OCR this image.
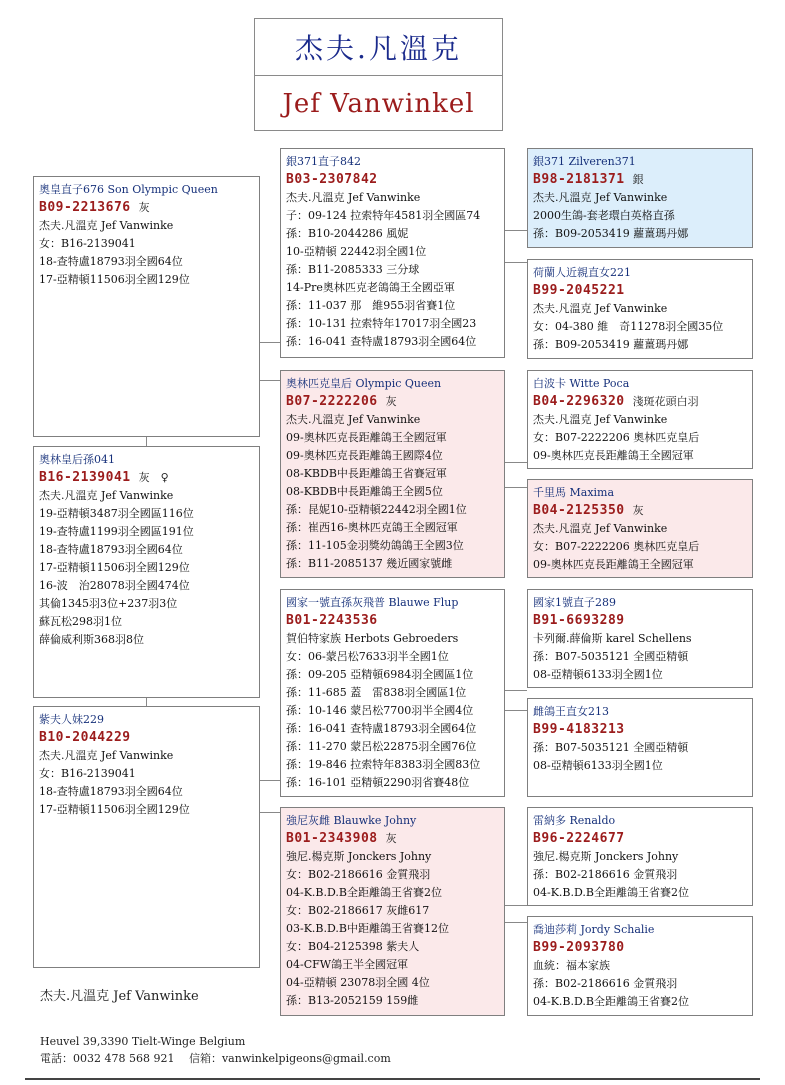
杰夫.凡溫克
Jef Vanwinkel
奧皇直子676 Son Olympic Queen
B09-2213676 灰
杰夫.凡溫克 Jef Vanwinke
女：B16-2139041
18-查特盧18793羽全國64位
17-亞精頓11506羽全國129位
奧林皇后孫041
B16-2139041 灰　♀
杰夫.凡溫克 Jef Vanwinke
19-亞精頓3487羽全國區116位
19-查特盧1199羽全國區191位
18-查特盧18793羽全國64位
17-亞精頓11506羽全國129位
16-波　治28078羽全國474位
其倫1345羽3位+237羽3位
蘇瓦松298羽1位
薛倫威利斯368羽8位
紫夫人妹229
B10-2044229
杰夫.凡溫克 Jef Vanwinke
女：B16-2139041
18-查特盧18793羽全國64位
17-亞精頓11506羽全國129位
銀371直子842
B03-2307842
杰夫.凡溫克 Jef Vanwinke
子：09-124 拉索特年4581羽全國區74
孫：B10-2044286 風妮
10-亞精頓 22442羽全國1位
孫：B11-2085333 三分球
14-Pre奧林匹克老鴿鴿王全國亞軍
孫：11-037 那　維955羽省賽1位
孫：10-131 拉索特年17017羽全國23
孫：16-041 查特盧18793羽全國64位
奧林匹克皇后 Olympic Queen
B07-2222206 灰
杰夫.凡溫克 Jef Vanwinke
09-奧林匹克長距離鴿王全國冠軍
09-奧林匹克長距離鴿王國際4位
08-KBDB中長距離鴿王省賽冠軍
08-KBDB中長距離鴿王全國5位
孫：昆妮10-亞精頓22442羽全國1位
孫：崔西16-奧林匹克鴿王全國冠軍
孫：11-105金羽獎幼鴿鴿王全國3位
孫：B11-2085137 幾近國家號雌
國家一號直孫灰飛普 Blauwe Flup
B01-2243536
賀伯特家族 Herbots Gebroeders
女：06-蒙呂松7633羽半全國1位
孫：09-205 亞精頓6984羽全國區1位
孫：11-685 蓋　雷838羽全國區1位
孫：10-146 蒙呂松7700羽半全國4位
孫：16-041 查特盧18793羽全國64位
孫：11-270 蒙呂松22875羽全國76位
孫：19-846 拉索特年8383羽全國83位
孫：16-101 亞精頓2290羽省賽48位
強尼灰雌 Blauwke Johny
B01-2343908 灰
強尼.楊克斯 Jonckers Johny
女：B02-2186616 金質飛羽
04-K.B.D.B全距離鴿王省賽2位
女：B02-2186617 灰雌617
03-K.B.D.B中距離鴿王省賽12位
女：B04-2125398 紫夫人
04-CFW鴿王半全國冠軍
04-亞精頓 23078羽全國 4位
孫：B13-2052159 159雌
銀371 Zilveren371
B98-2181371 銀
杰夫.凡溫克 Jef Vanwinke
2000生鴿-套老環白英格直孫
孫：B09-2053419 蘿薑瑪丹娜
荷蘭人近親直女221
B99-2045221
杰夫.凡溫克 Jef Vanwinke
女：04-380 維　奇11278羽全國35位
孫：B09-2053419 蘿薑瑪丹娜
白波卡 Witte Poca
B04-2296320 淺斑花頭白羽
杰夫.凡溫克 Jef Vanwinke
女：B07-2222206 奧林匹克皇后
09-奧林匹克長距離鴿王全國冠軍
千里馬 Maxima
B04-2125350 灰
杰夫.凡溫克 Jef Vanwinke
女：B07-2222206 奧林匹克皇后
09-奧林匹克長距離鴿王全國冠軍
國家1號直子289
B91-6693289
卡列爾.薛倫斯 karel Schellens
孫：B07-5035121 全國亞精頓
08-亞精頓6133羽全國1位
雌鴿王直女213
B99-4183213
孫：B07-5035121 全國亞精頓
08-亞精頓6133羽全國1位
雷納多 Renaldo
B96-2224677
強尼.楊克斯 Jonckers Johny
孫：B02-2186616 金質飛羽
04-K.B.D.B全距離鴿王省賽2位
喬迪莎莉 Jordy Schalie
B99-2093780
血統：福本家族
孫：B02-2186616 金質飛羽
04-K.B.D.B全距離鴿王省賽2位
杰夫.凡溫克 Jef Vanwinke
Heuvel 39,3390 Tielt-Winge Belgium
電話：0032 478 568 921　 信箱：vanwinkelpigeons@gmail.com
